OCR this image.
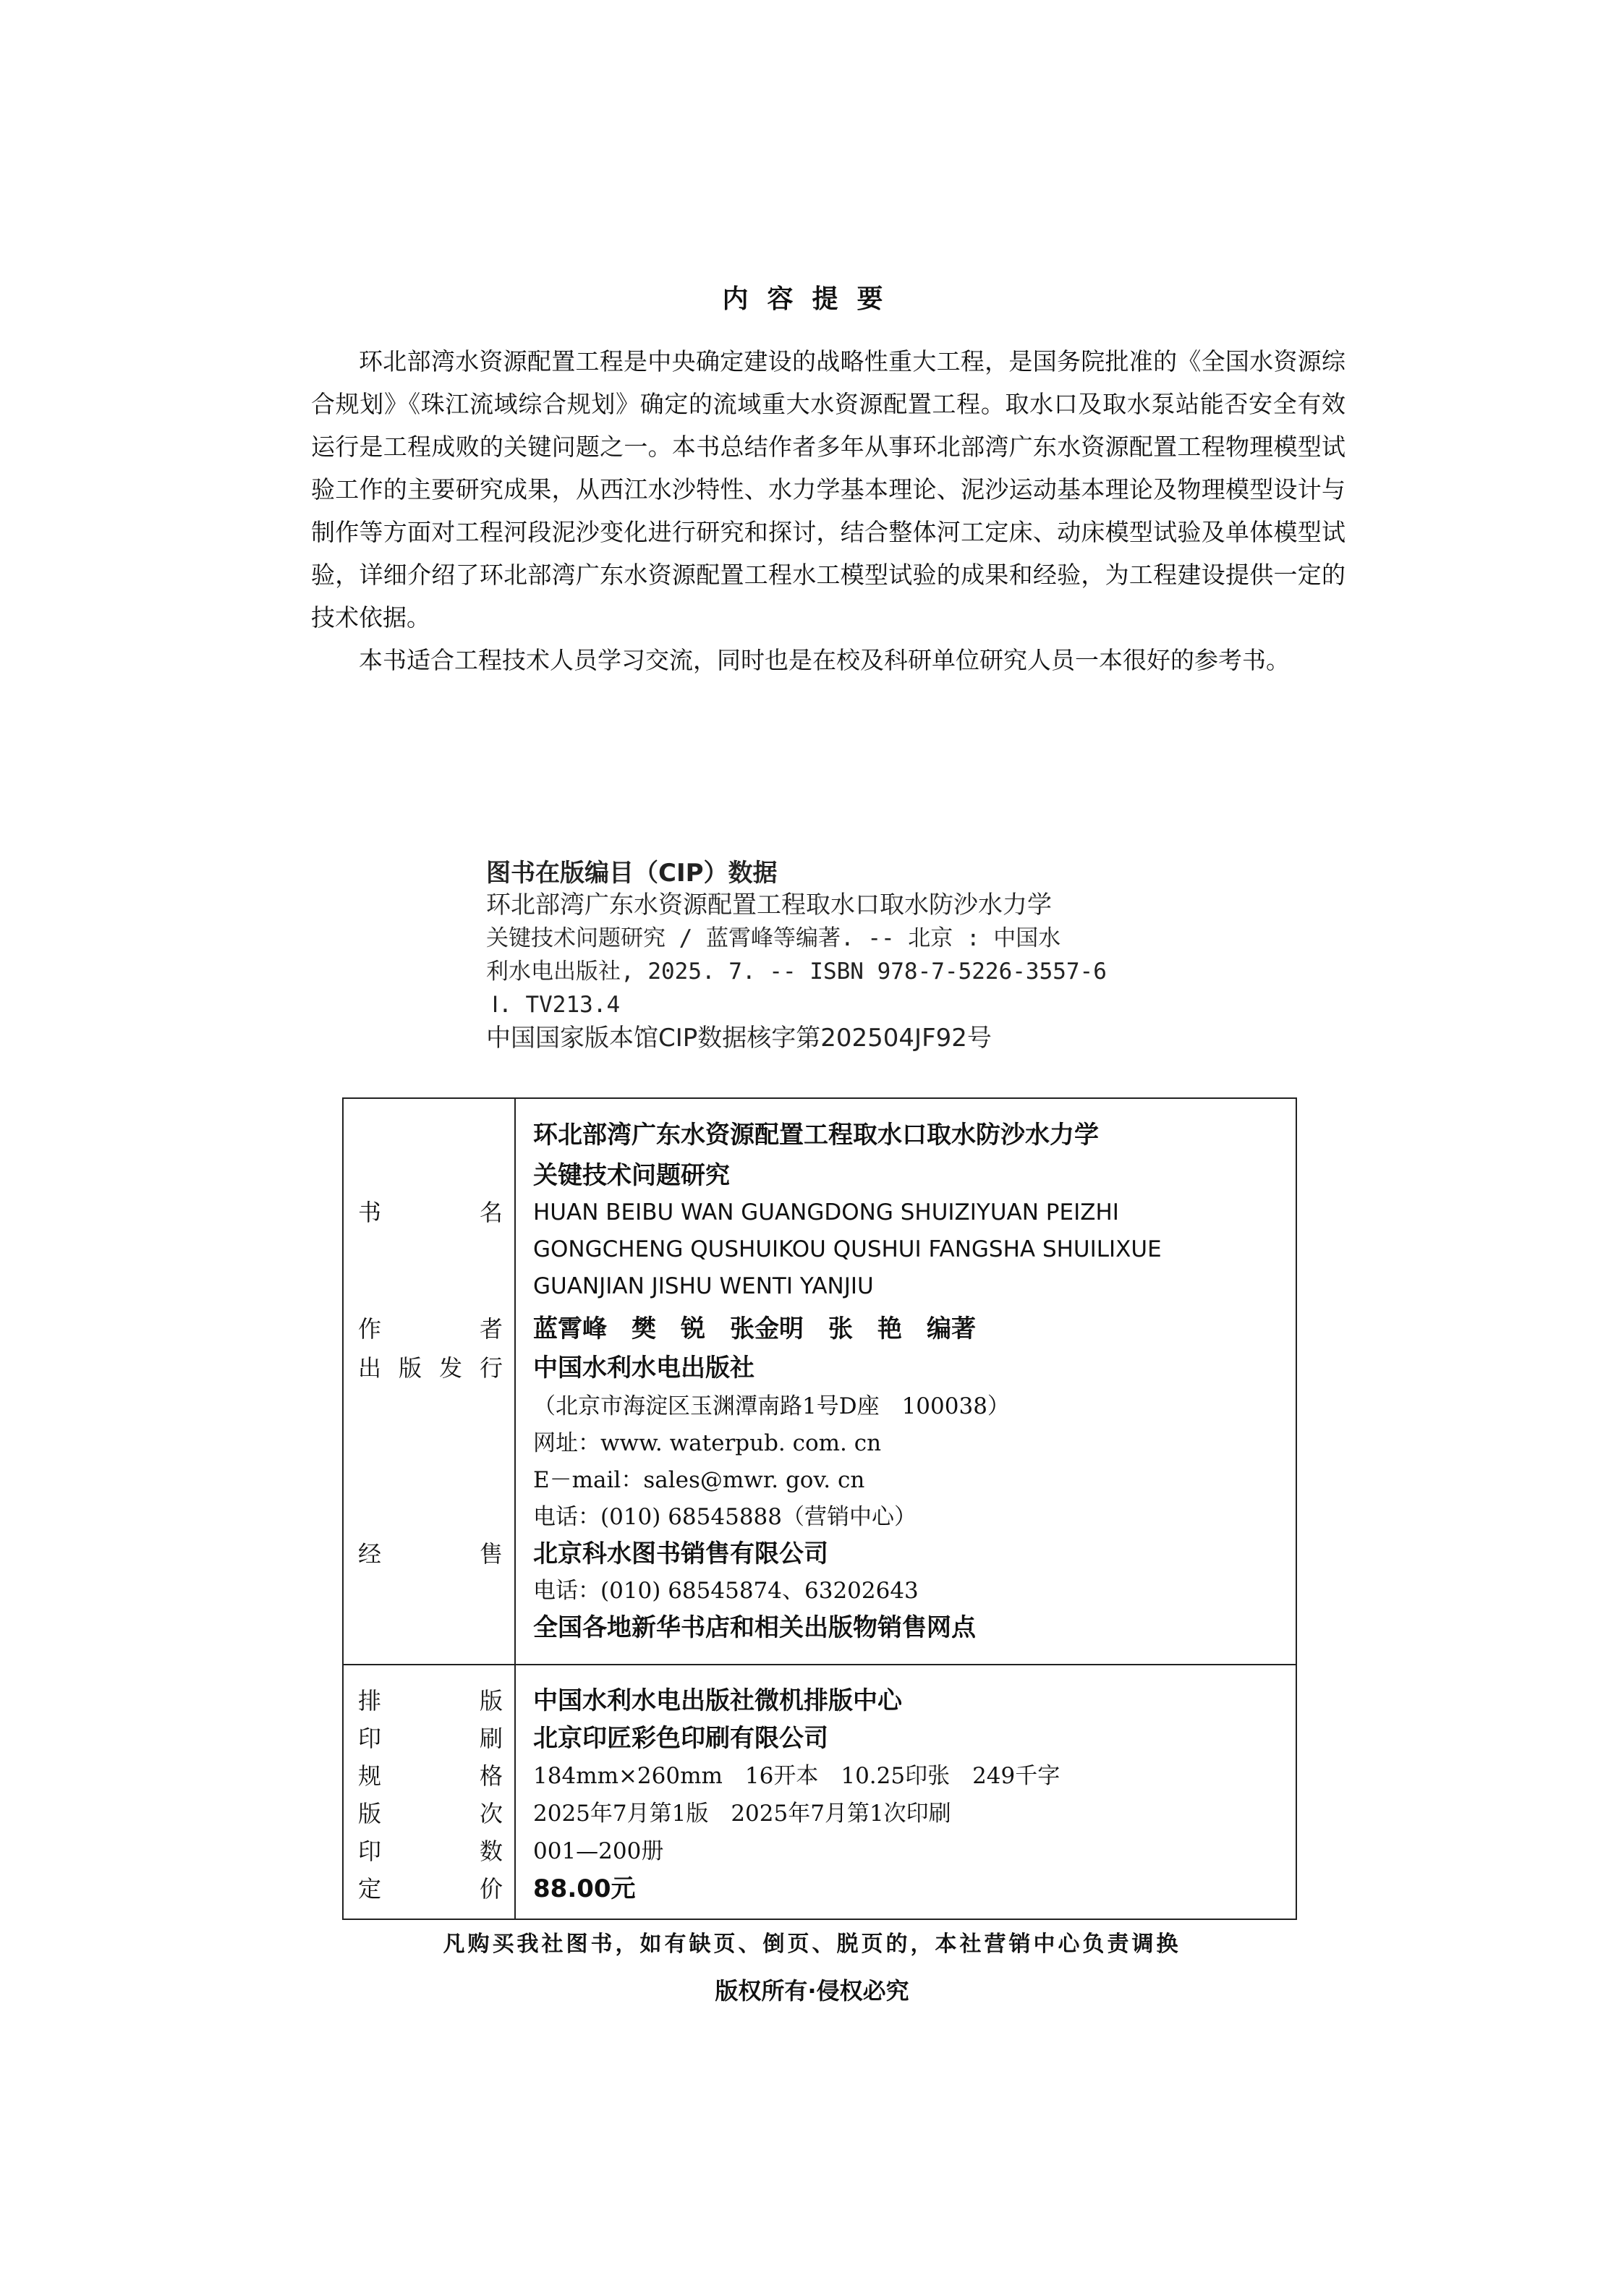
内容提要

环北部湾水资源配置工程是中央确定建设的战略性重大工程，是国务院批准的《全国水资源综合规划》《珠江流域综合规划》确定的流域重大水资源配置工程。取水口及取水泵站能否安全有效运行是工程成败的关键问题之一。本书总结作者多年从事环北部湾广东水资源配置工程物理模型试验工作的主要研究成果，从西江水沙特性、水力学基本理论、泥沙运动基本理论及物理模型设计与制作等方面对工程河段泥沙变化进行研究和探讨，结合整体河工定床、动床模型试验及单体模型试验，详细介绍了环北部湾广东水资源配置工程水工模型试验的成果和经验，为工程建设提供一定的技术依据。

本书适合工程技术人员学习交流，同时也是在校及科研单位研究人员一本很好的参考书。

图书在版编目（CIP）数据
环北部湾广东水资源配置工程取水口取水防沙水力学
关键技术问题研究 / 蓝霄峰等编著. -- 北京 : 中国水
利水电出版社, 2025. 7. -- ISBN 978-7-5226-3557-6
Ⅰ. TV213.4
中国国家版本馆CIP数据核字第202504JF92号
书	名
环北部湾广东水资源配置工程取水口取水防沙水力学
关键技术问题研究
HUAN BEIBU WAN GUANGDONG SHUIZIYUAN PEIZHI
GONGCHENG QUSHUIKOU QUSHUI FANGSHA SHUILIXUE
GUANJIAN JISHU WENTI YANJIU
作	者 蓝霄峰　樊　锐　张金明　张　艳　编著
出 版 发 行 中国水利水电出版社
（北京市海淀区玉渊潭南路1号D座　100038）
网址：www. waterpub. com. cn
E－mail：sales@mwr. gov. cn
电话：(010) 68545888（营销中心）
经	售 北京科水图书销售有限公司
电话：(010) 68545874、63202643
全国各地新华书店和相关出版物销售网点
排	版 中国水利水电出版社微机排版中心
印	刷 北京印匠彩色印刷有限公司
规	格 184mm×260mm　16开本　10.25印张　249千字
版	次 2025年7月第1版　2025年7月第1次印刷
印	数 001—200册
定	价 88.00元
凡购买我社图书，如有缺页、倒页、脱页的，本社营销中心负责调换
版权所有·侵权必究
